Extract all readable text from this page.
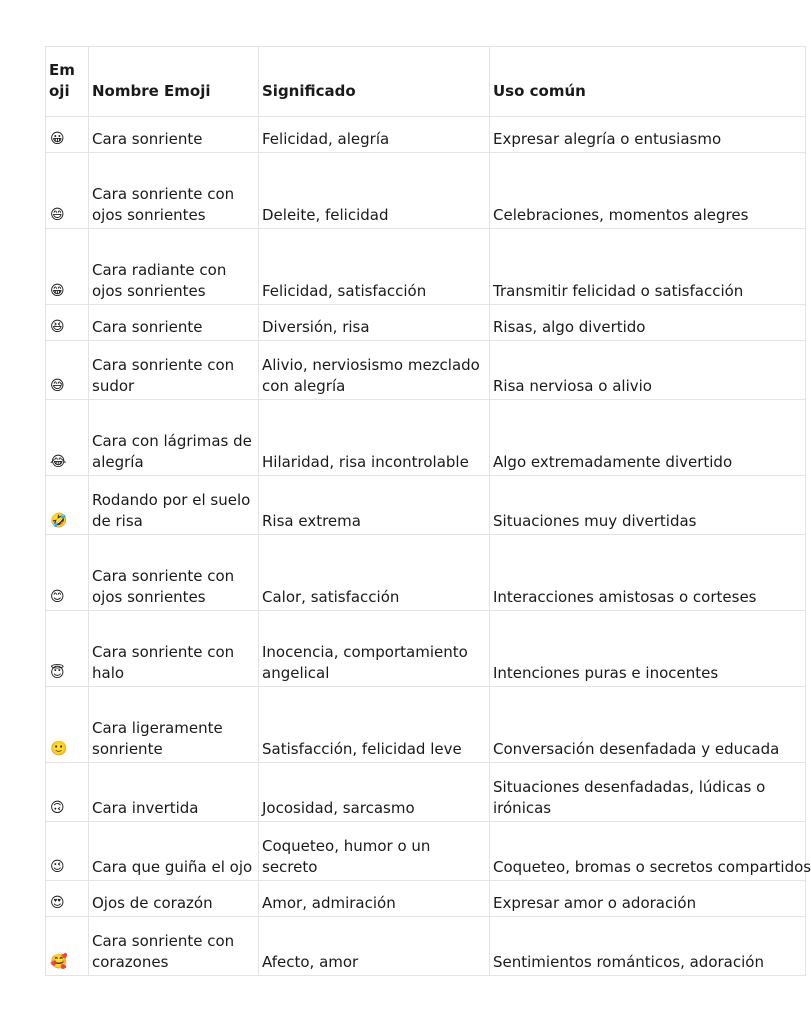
Emoji	Nombre Emoji	Significado	Uso común
😀	Cara sonriente	Felicidad, alegría	Expresar alegría o entusiasmo
😄	Cara sonriente con ojos sonrientes	Deleite, felicidad	Celebraciones, momentos alegres
😁	Cara radiante con ojos sonrientes	Felicidad, satisfacción	Transmitir felicidad o satisfacción
😆	Cara sonriente	Diversión, risa	Risas, algo divertido
😅	Cara sonriente con sudor	Alivio, nerviosismo mezclado con alegría	Risa nerviosa o alivio
😂	Cara con lágrimas de alegría	Hilaridad, risa incontrolable	Algo extremadamente divertido
🤣	Rodando por el suelo de risa	Risa extrema	Situaciones muy divertidas
😊	Cara sonriente con ojos sonrientes	Calor, satisfacción	Interacciones amistosas o corteses
😇	Cara sonriente con halo	Inocencia, comportamiento angelical	Intenciones puras e inocentes
🙂	Cara ligeramente sonriente	Satisfacción, felicidad leve	Conversación desenfadada y educada
🙃	Cara invertida	Jocosidad, sarcasmo	Situaciones desenfadadas, lúdicas o irónicas
😉	Cara que guiña el ojo	Coqueteo, humor o un secreto	Coqueteo, bromas o secretos compartidos
😍	Ojos de corazón	Amor, admiración	Expresar amor o adoración
🥰	Cara sonriente con corazones	Afecto, amor	Sentimientos románticos, adoración
